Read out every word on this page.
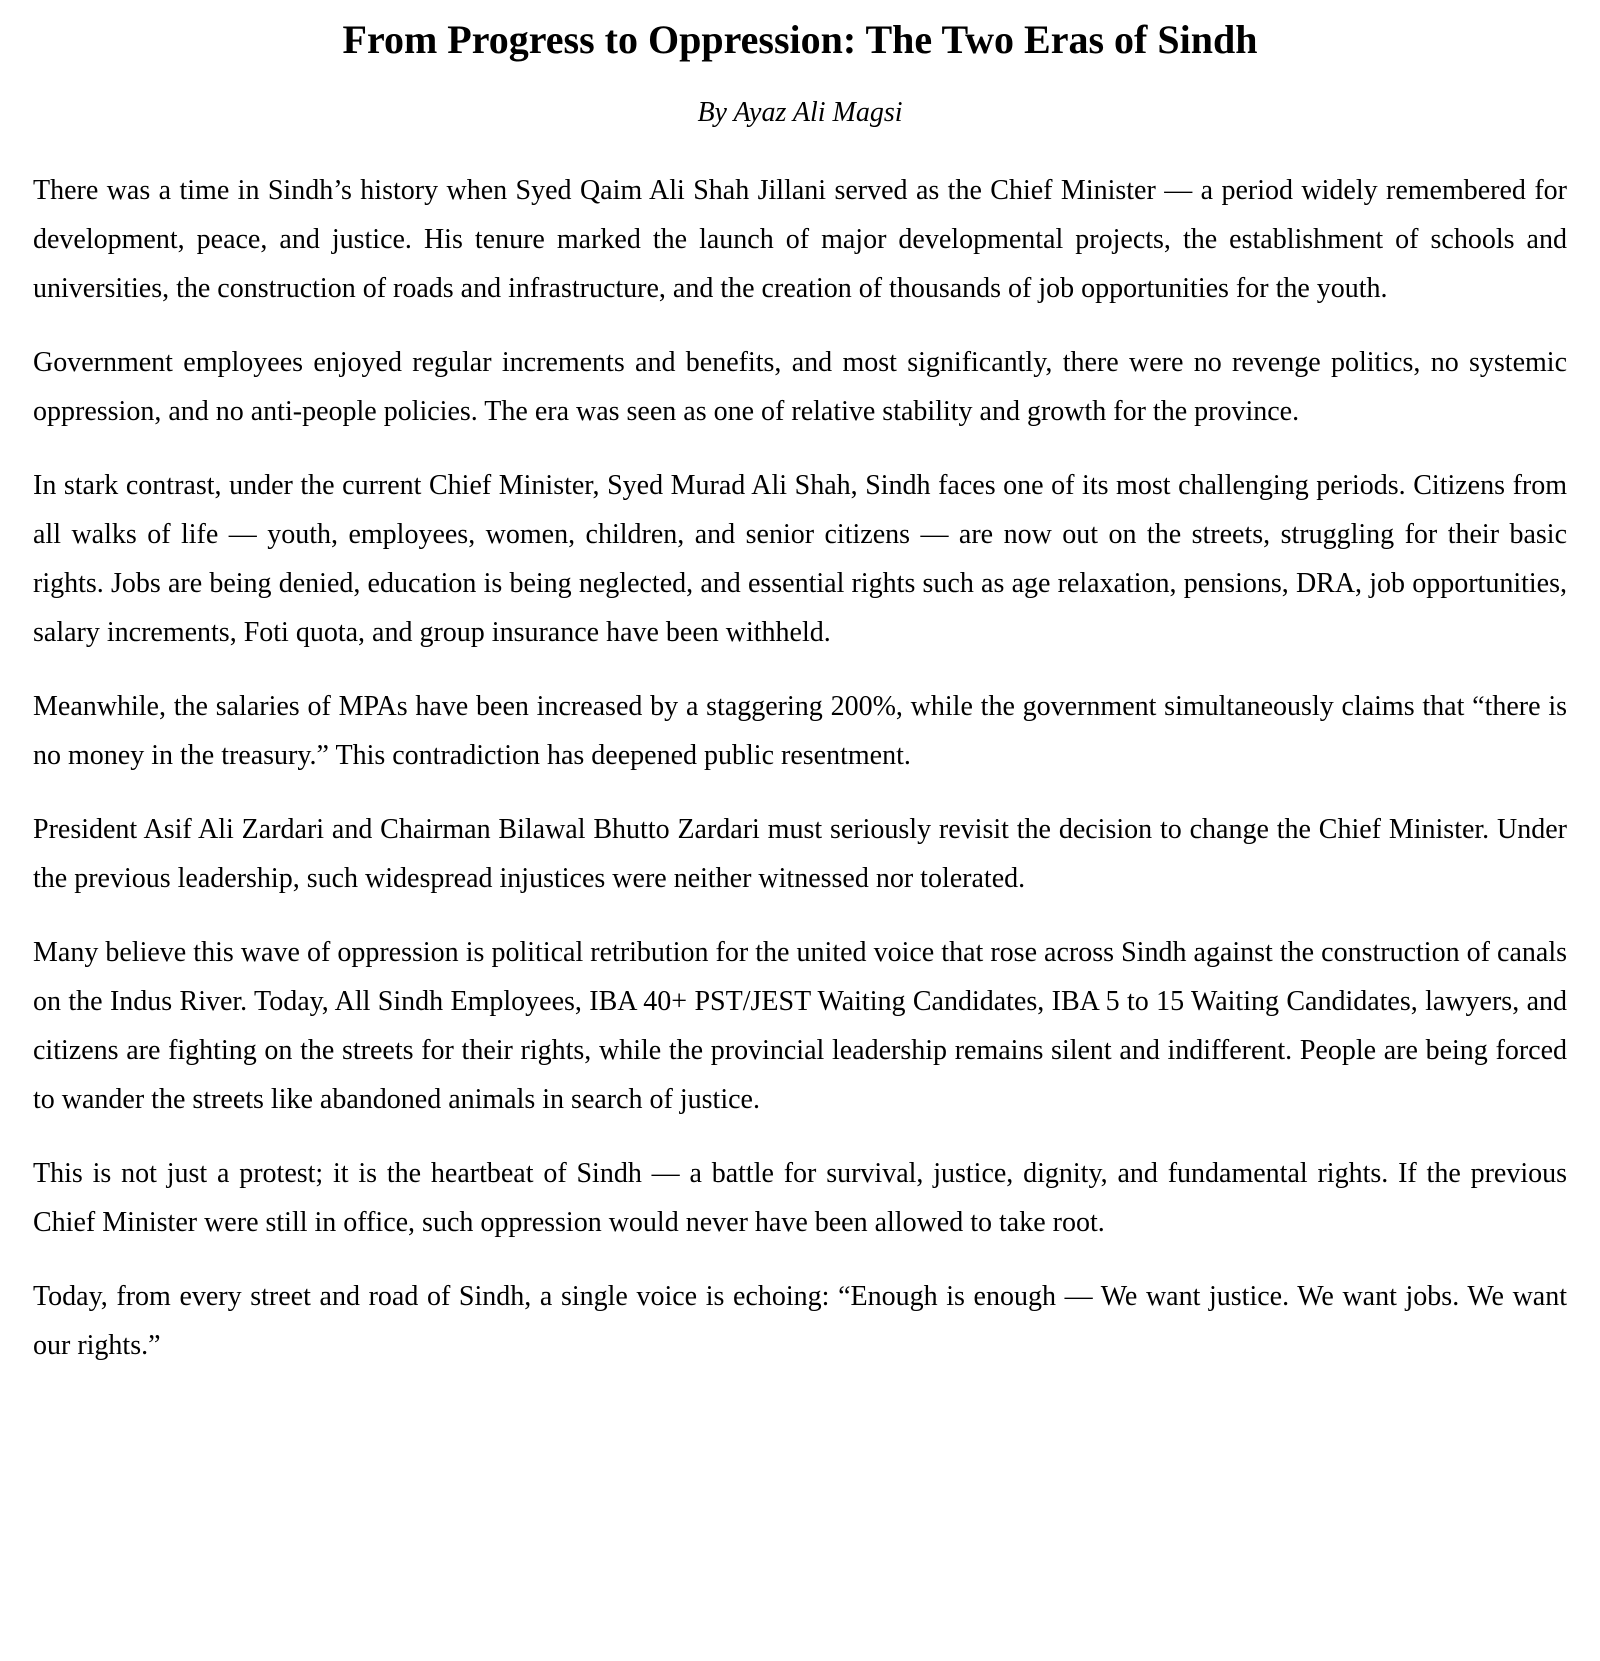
From Progress to Oppression: The Two Eras of Sindh
By Ayaz Ali Magsi

There was a time in Sindh’s history when Syed Qaim Ali Shah Jillani served as the Chief Minister — a period widely remembered for development, peace, and justice. His tenure marked the launch of major developmental projects, the establishment of schools and universities, the construction of roads and infrastructure, and the creation of thousands of job opportunities for the youth.

Government employees enjoyed regular increments and benefits, and most significantly, there were no revenge politics, no systemic oppression, and no anti-people policies. The era was seen as one of relative stability and growth for the province.

In stark contrast, under the current Chief Minister, Syed Murad Ali Shah, Sindh faces one of its most challenging periods. Citizens from all walks of life — youth, employees, women, children, and senior citizens — are now out on the streets, struggling for their basic rights. Jobs are being denied, education is being neglected, and essential rights such as age relaxation, pensions, DRA, job opportunities, salary increments, Foti quota, and group insurance have been withheld.

Meanwhile, the salaries of MPAs have been increased by a staggering 200%, while the government simultaneously claims that “there is no money in the treasury.” This contradiction has deepened public resentment.

President Asif Ali Zardari and Chairman Bilawal Bhutto Zardari must seriously revisit the decision to change the Chief Minister. Under the previous leadership, such widespread injustices were neither witnessed nor tolerated.

Many believe this wave of oppression is political retribution for the united voice that rose across Sindh against the construction of canals on the Indus River. Today, All Sindh Employees, IBA 40+ PST/JEST Waiting Candidates, IBA 5 to 15 Waiting Candidates, lawyers, and citizens are fighting on the streets for their rights, while the provincial leadership remains silent and indifferent. People are being forced to wander the streets like abandoned animals in search of justice.

This is not just a protest; it is the heartbeat of Sindh — a battle for survival, justice, dignity, and fundamental rights. If the previous Chief Minister were still in office, such oppression would never have been allowed to take root.

Today, from every street and road of Sindh, a single voice is echoing: “Enough is enough — We want justice. We want jobs. We want our rights.”
